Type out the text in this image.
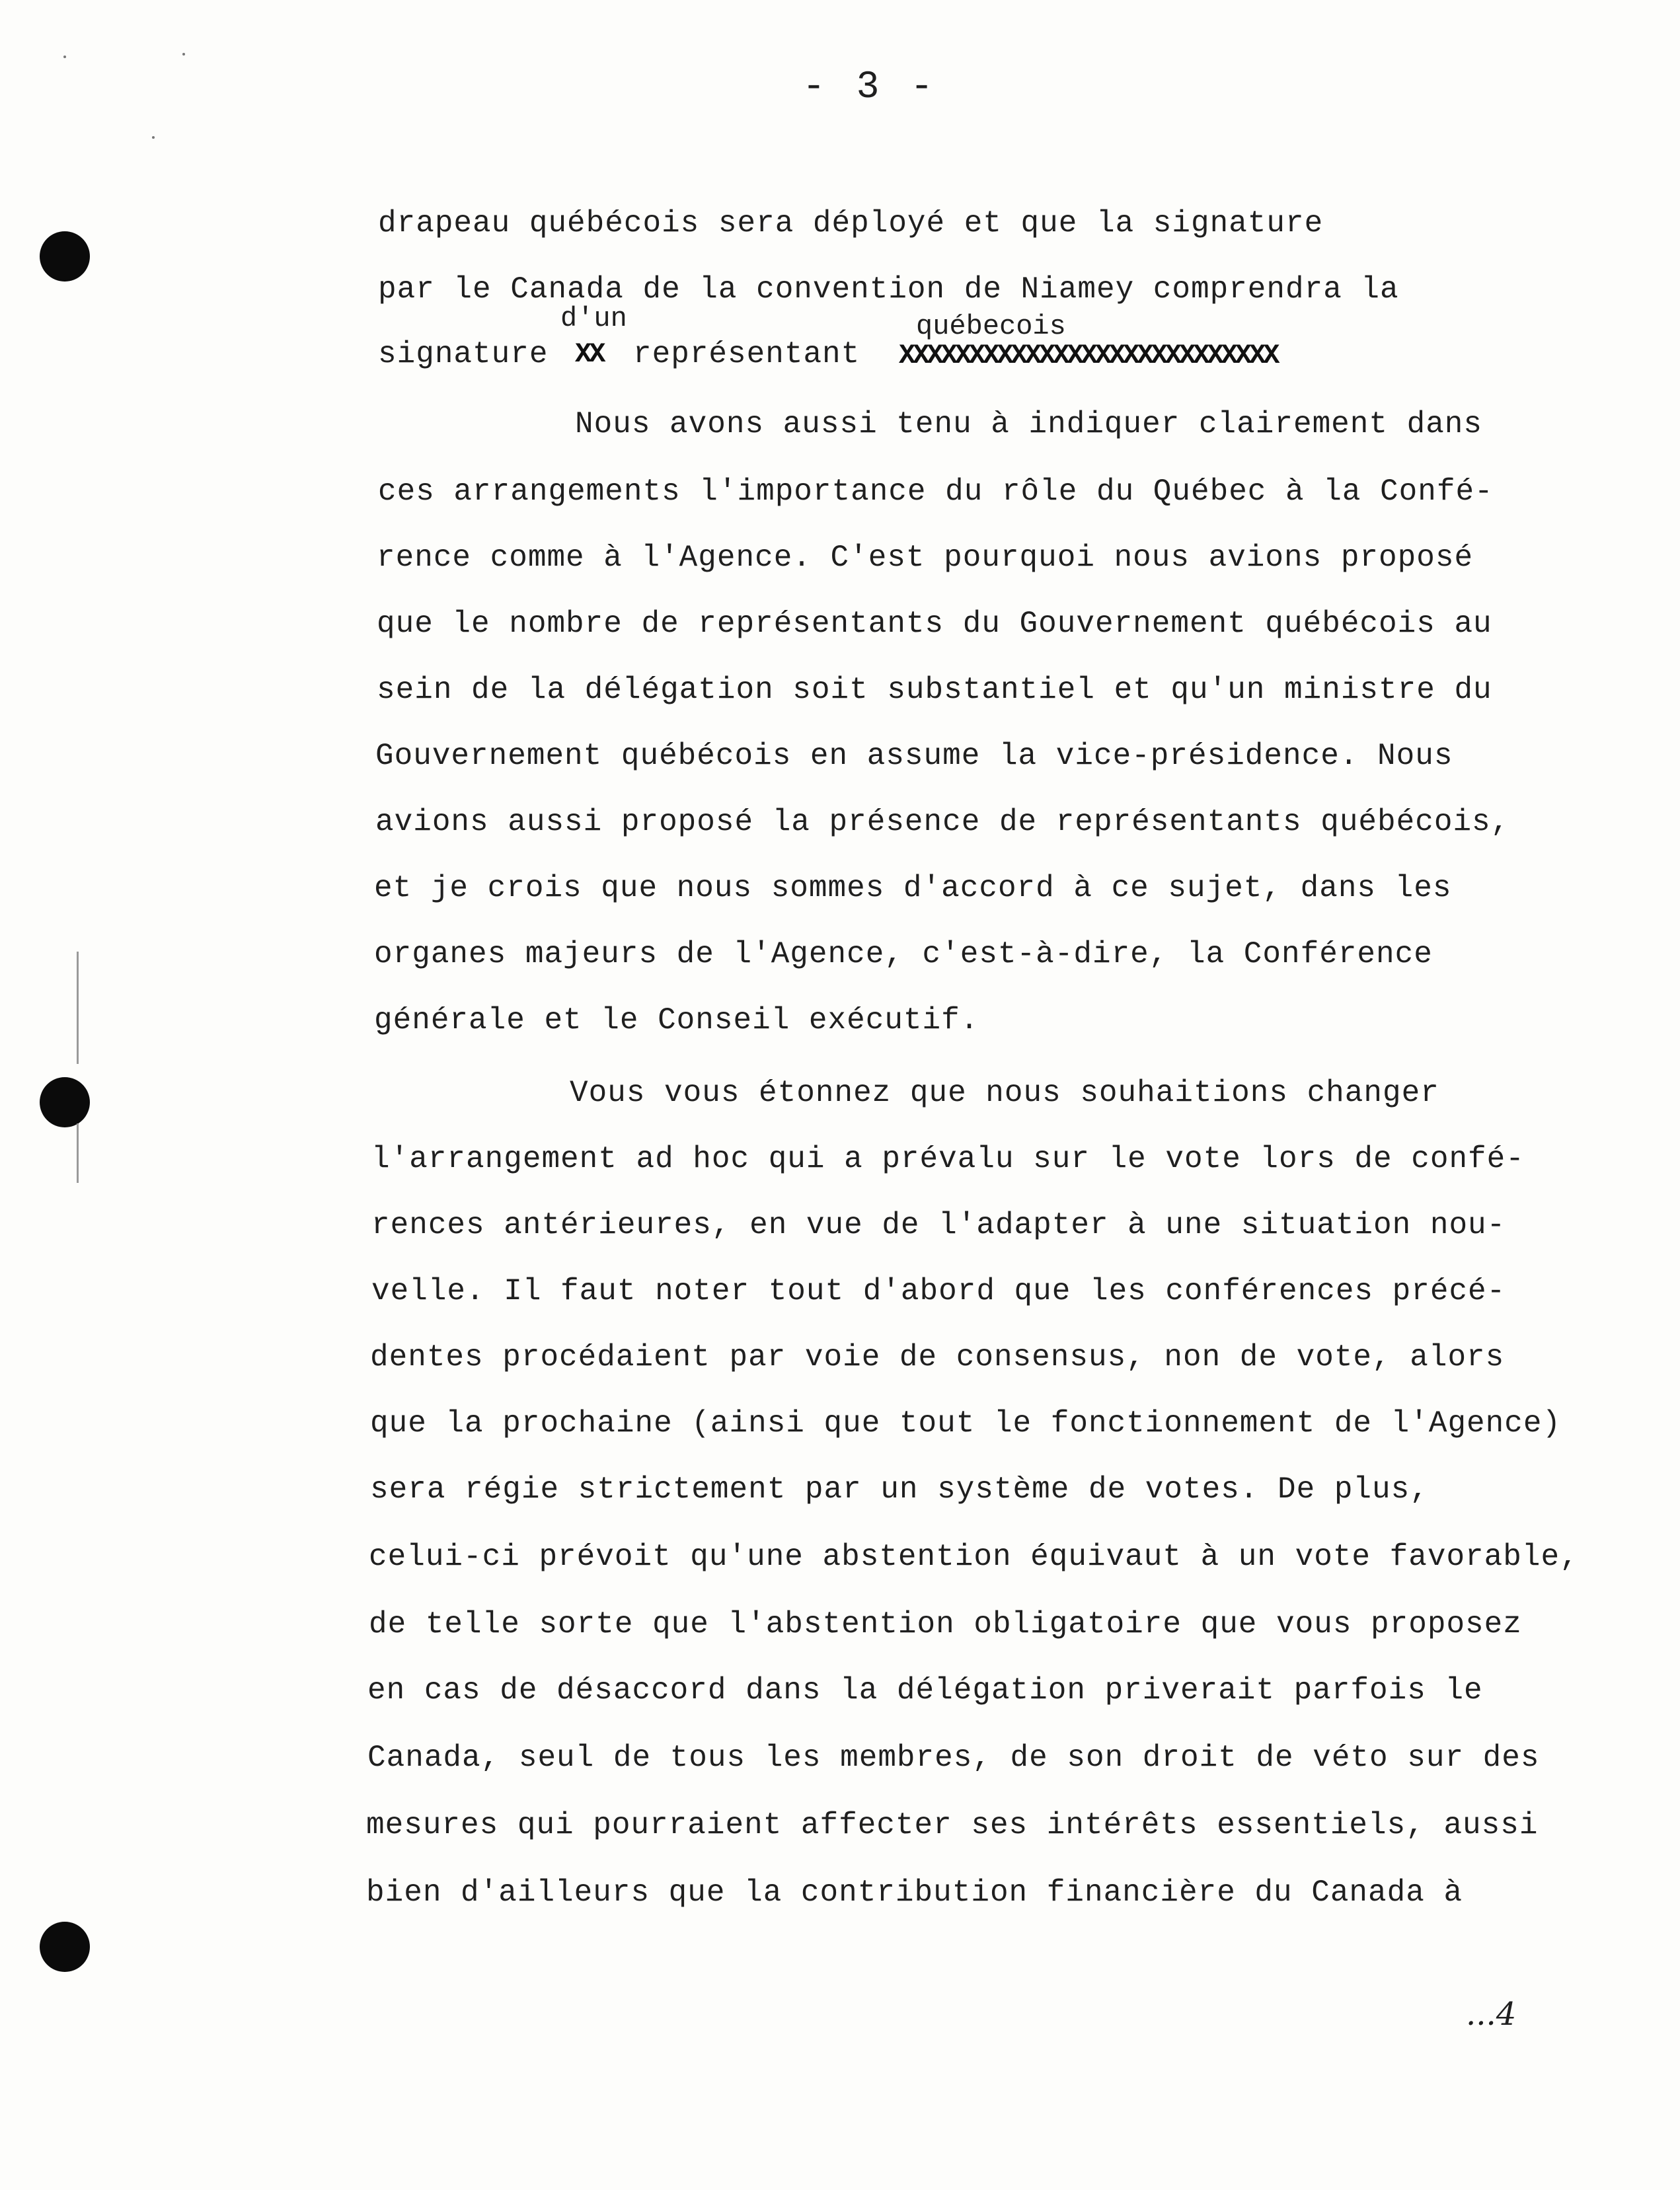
- 3 -
drapeau québécois sera déployé et que la signature
par le Canada de la convention de Niamey comprendra la
d'un	québecois
signature XX représentant XXXXXXXXXXXXXXXXXXXXXXXXXXX
Nous avons aussi tenu à indiquer clairement dans
ces arrangements l'importance du rôle du Québec à la Confé-
rence comme à l'Agence. C'est pourquoi nous avions proposé
que le nombre de représentants du Gouvernement québécois au
sein de la délégation soit substantiel et qu'un ministre du
Gouvernement québécois en assume la vice-présidence. Nous
avions aussi proposé la présence de représentants québécois,
et je crois que nous sommes d'accord à ce sujet, dans les
organes majeurs de l'Agence, c'est-à-dire, la Conférence
générale et le Conseil exécutif.
Vous vous étonnez que nous souhaitions changer
l'arrangement ad hoc qui a prévalu sur le vote lors de confé-
rences antérieures, en vue de l'adapter à une situation nou-
velle. Il faut noter tout d'abord que les conférences précé-
dentes procédaient par voie de consensus, non de vote, alors
que la prochaine (ainsi que tout le fonctionnement de l'Agence)
sera régie strictement par un système de votes. De plus,
celui-ci prévoit qu'une abstention équivaut à un vote favorable,
de telle sorte que l'abstention obligatoire que vous proposez
en cas de désaccord dans la délégation priverait parfois le
Canada, seul de tous les membres, de son droit de véto sur des
mesures qui pourraient affecter ses intérêts essentiels, aussi
bien d'ailleurs que la contribution financière du Canada à
...4
